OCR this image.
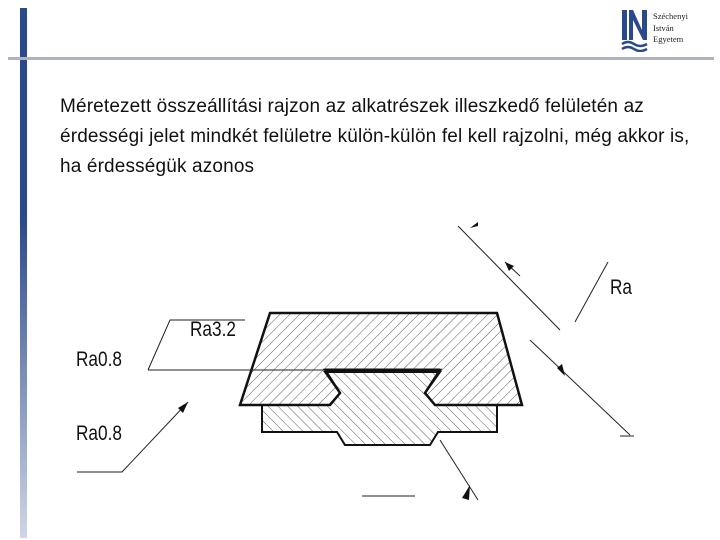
Széchenyi
István
Egyetem
Méretezett összeállítási rajzon az alkatrészek illeszkedő felületén az érdességi jelet mindkét felületre külön-külön fel kell rajzolni, még akkor is, ha érdességük azonos
Ra3.2
Ra0.8
Ra0.8
Ra
